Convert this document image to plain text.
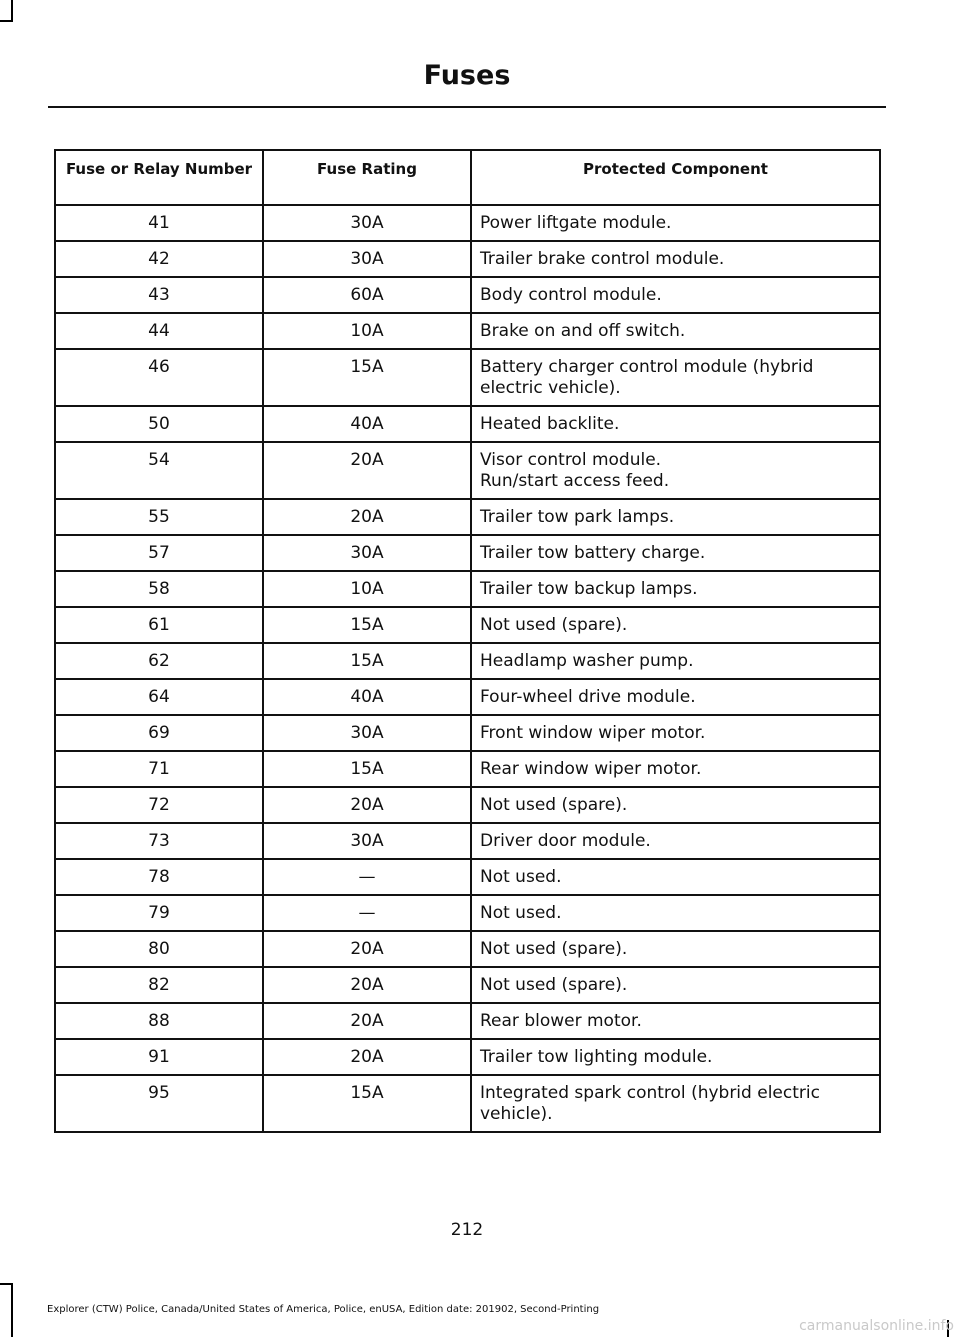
Fuses
Fuse or Relay Number	Fuse Rating	Protected Component

41	30A	Power liftgate module.

42	30A	Trailer brake control module.

43	60A	Body control module.

44	10A	Brake on and off switch.

46	15A	Battery charger control module (hybrid electric vehicle).

50	40A	Heated backlite.

54	20A	Visor control module.
Run/start access feed.

55	20A	Trailer tow park lamps.

57	30A	Trailer tow battery charge.

58	10A	Trailer tow backup lamps.

61	15A	Not used (spare).

62	15A	Headlamp washer pump.

64	40A	Four-wheel drive module.

69	30A	Front window wiper motor.

71	15A	Rear window wiper motor.

72	20A	Not used (spare).

73	30A	Driver door module.

78	—	Not used.

79	—	Not used.

80	20A	Not used (spare).

82	20A	Not used (spare).

88	20A	Rear blower motor.

91	20A	Trailer tow lighting module.

95	15A	Integrated spark control (hybrid electric vehicle).
212
Explorer (CTW) Police, Canada/United States of America, Police, enUSA, Edition date: 201902, Second-Printing
carmanualsonline.info
